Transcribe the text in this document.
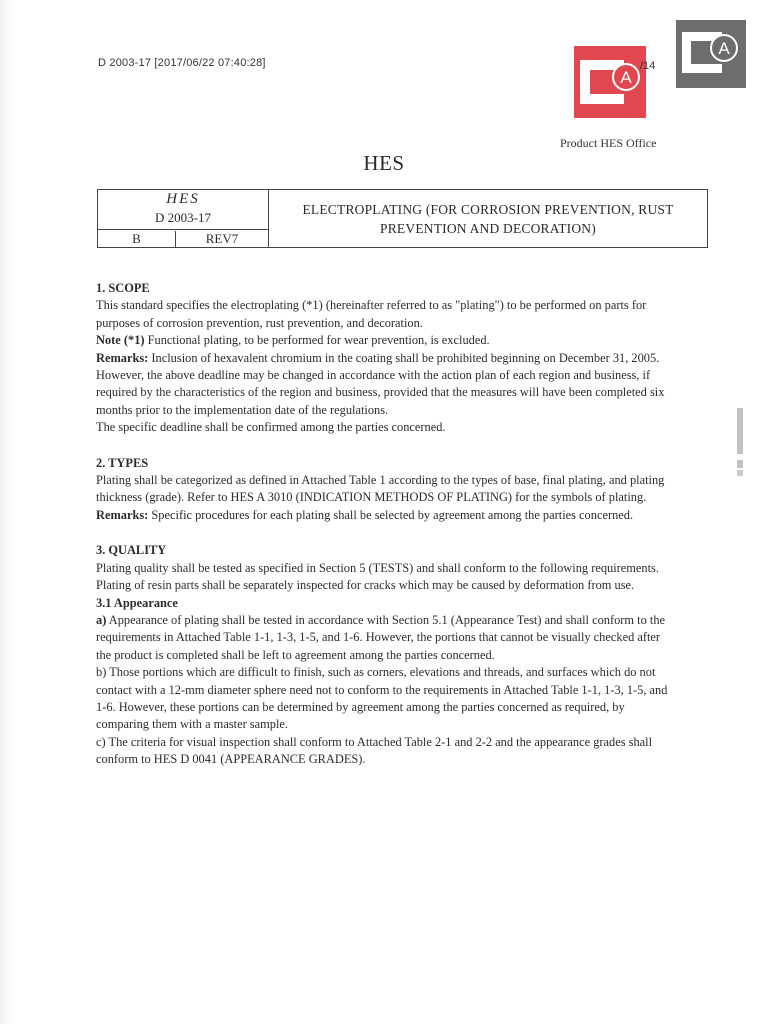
D 2003-17 [2017/06/22 07:40:28]
A
/14
A
Product HES Office
HES
HES
D 2003-17
B	REV7
ELECTROPLATING (FOR CORROSION PREVENTION, RUST
PREVENTION AND DECORATION)

1. SCOPE

This standard specifies the electroplating (*1) (hereinafter referred to as "plating") to be performed on parts for purposes of corrosion prevention, rust prevention, and decoration.

Note (*1) Functional plating, to be performed for wear prevention, is excluded.

Remarks: Inclusion of hexavalent chromium in the coating shall be prohibited beginning on December 31, 2005. However, the above deadline may be changed in accordance with the action plan of each region and business, if required by the characteristics of the region and business, provided that the measures will have been completed six months prior to the implementation date of the regulations.

The specific deadline shall be confirmed among the parties concerned.

2. TYPES

Plating shall be categorized as defined in Attached Table 1 according to the types of base, final plating, and plating thickness (grade). Refer to HES A 3010 (INDICATION METHODS OF PLATING) for the symbols of plating.

Remarks: Specific procedures for each plating shall be selected by agreement among the parties concerned.

3. QUALITY

Plating quality shall be tested as specified in Section 5 (TESTS) and shall conform to the following requirements. Plating of resin parts shall be separately inspected for cracks which may be caused by deformation from use.

3.1 Appearance

a) Appearance of plating shall be tested in accordance with Section 5.1 (Appearance Test) and shall conform to the requirements in Attached Table 1-1, 1-3, 1-5, and 1-6. However, the portions that cannot be visually checked after the product is completed shall be left to agreement among the parties concerned.

b) Those portions which are difficult to finish, such as corners, elevations and threads, and surfaces which do not contact with a 12-mm diameter sphere need not to conform to the requirements in Attached Table 1-1, 1-3, 1-5, and 1-6. However, these portions can be determined by agreement among the parties concerned as required, by comparing them with a master sample.

c) The criteria for visual inspection shall conform to Attached Table 2-1 and 2-2 and the appearance grades shall conform to HES D 0041 (APPEARANCE GRADES).
